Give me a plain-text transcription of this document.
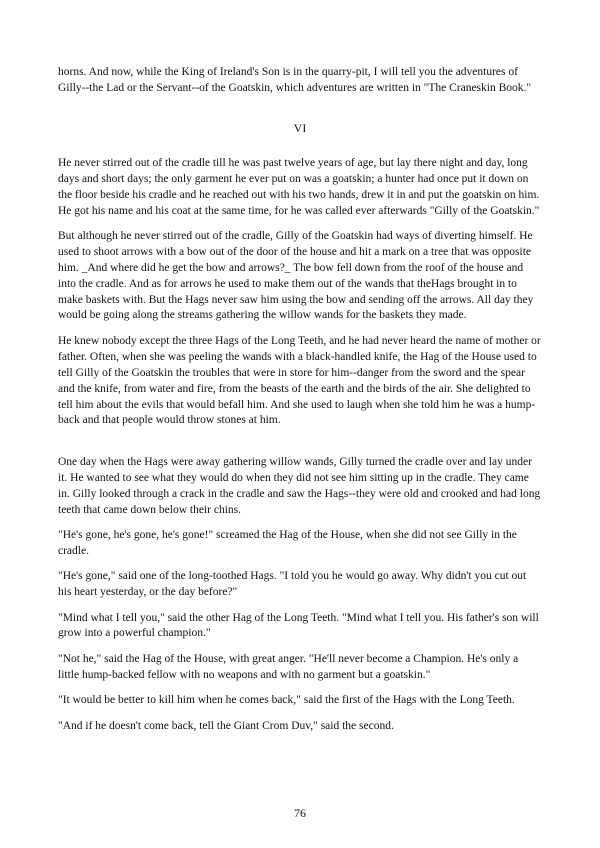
horns. And now, while the King of Ireland's Son is in the quarry-pit, I will tell you the adventures of Gilly--the Lad or the Servant--of the Goatskin, which adventures are written in "The Craneskin Book."

VI

He never stirred out of the cradle till he was past twelve years of age, but lay there night and day, long days and short days; the only garment he ever put on was a goatskin; a hunter had once put it down on the floor beside his cradle and he reached out with his two hands, drew it in and put the goatskin on him. He got his name and his coat at the same time, for he was called ever afterwards "Gilly of the Goatskin."

But although he never stirred out of the cradle, Gilly of the Goatskin had ways of diverting himself. He used to shoot arrows with a bow out of the door of the house and hit a mark on a tree that was opposite him. _And where did he get the bow and arrows?_ The bow fell down from the roof of the house and into the cradle. And as for arrows he used to make them out of the wands that theHags brought in to make baskets with. But the Hags never saw him using the bow and sending off the arrows. All day they would be going along the streams gathering the willow wands for the baskets they made.

He knew nobody except the three Hags of the Long Teeth, and he had never heard the name of mother or father. Often, when she was peeling the wands with a black-handled knife, the Hag of the House used to tell Gilly of the Goatskin the troubles that were in store for him--danger from the sword and the spear and the knife, from water and fire, from the beasts of the earth and the birds of the air. She delighted to tell him about the evils that would befall him. And she used to laugh when she told him he was a hump-back and that people would throw stones at him.

One day when the Hags were away gathering willow wands, Gilly turned the cradle over and lay under it. He wanted to see what they would do when they did not see him sitting up in the cradle. They came in. Gilly looked through a crack in the cradle and saw the Hags--they were old and crooked and had long teeth that came down below their chins.

"He's gone, he's gone, he's gone!" screamed the Hag of the House, when she did not see Gilly in the cradle.

"He's gone," said one of the long-toothed Hags. "I told you he would go away. Why didn't you cut out his heart yesterday, or the day before?"

"Mind what I tell you," said the other Hag of the Long Teeth. "Mind what I tell you. His father's son will grow into a powerful champion."

"Not he," said the Hag of the House, with great anger. "He'll never become a Champion. He's only a little hump-backed fellow with no weapons and with no garment but a goatskin."

"It would be better to kill him when he comes back," said the first of the Hags with the Long Teeth.

"And if he doesn't come back, tell the Giant Crom Duv," said the second.

76
